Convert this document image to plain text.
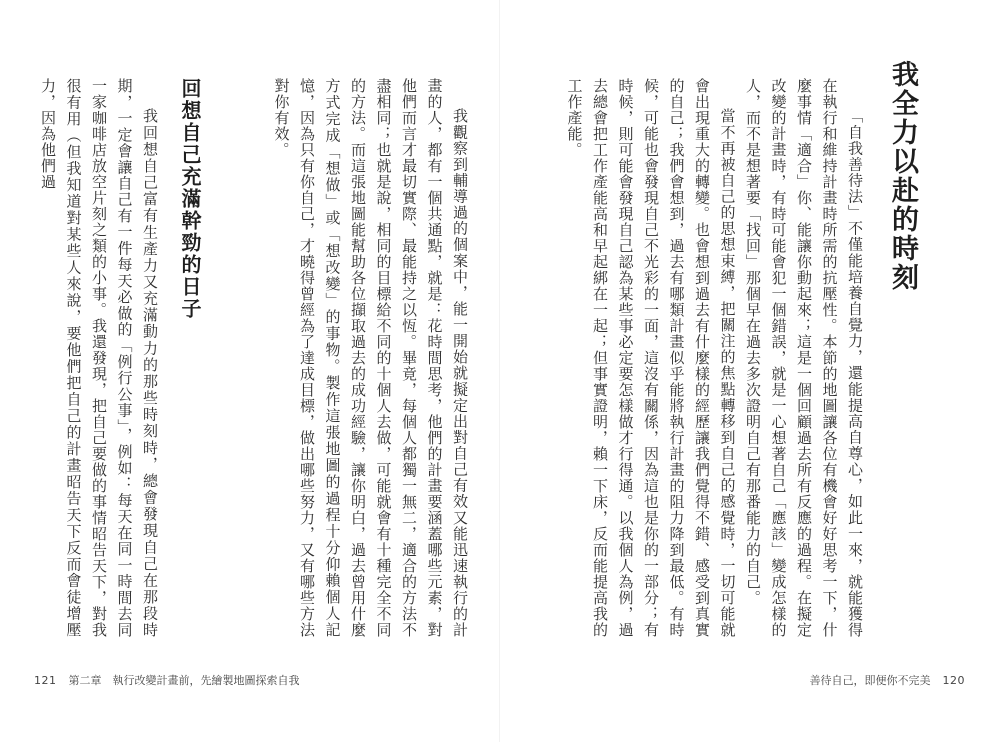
我觀察到輔導過的個案中，能一開始就擬定出對自己有效又能迅速執行的計畫的人，都有一個共通點，就是：花時間思考，他們的計畫要涵蓋哪些元素，對他們而言才最切實際、最能持之以恆。畢竟，每個人都獨一無二，適合的方法不盡相同；也就是說，相同的目標給不同的十個人去做，可能就會有十種完全不同的方法。而這張地圖能幫助各位擷取過去的成功經驗，讓你明白，過去曾用什麼方式完成「想做」或「想改變」的事物。製作這張地圖的過程十分仰賴個人記憶，因為只有你自己，才曉得曾經為了達成目標，做出哪些努力，又有哪些方法對你有效。

回想自己充滿幹勁的日子

我回想自己富有生產力又充滿動力的那些時刻時，總會發現自己在那段時期，一定會讓自己有一件每天必做的「例行公事」，例如：每天在同一時間去同一家咖啡店放空片刻之類的小事。我還發現，把自己要做的事情昭告天下，對我很有用（但我知道對某些人來說，要他們把自己的計畫昭告天下反而會徒增壓力，因為他們過

121 第二章　執行改變計畫前，先繪製地圖探索自我
我全力以赴的時刻

「自我善待法」不僅能培養自覺力，還能提高自尊心，如此一來，就能獲得在執行和維持計畫時所需的抗壓性。本節的地圖讓各位有機會好好思考一下，什麼事情「適合」你、能讓你動起來；這是一個回顧過去所有反應的過程。在擬定改變的計畫時，有時可能會犯一個錯誤，就是一心想著自己「應該」變成怎樣的人，而不是想著要「找回」那個早在過去多次證明自己有那番能力的自己。

當不再被自己的思想束縛，把關注的焦點轉移到自己的感覺時，一切可能就會出現重大的轉變。也會想到過去有什麼樣的經歷讓我們覺得不錯、感受到真實的自己；我們會想到，過去有哪類計畫似乎能將執行計畫的阻力降到最低。有時候，可能也會發現自己不光彩的一面，這沒有關係，因為這也是你的一部分；有時候，則可能會發現自己認為某些事必定要怎樣做才行得通。以我個人為例，過去總會把工作產能高和早起綁在一起；但事實證明，賴一下床，反而能提高我的工作產能。

善待自己，即便你不完美 120
